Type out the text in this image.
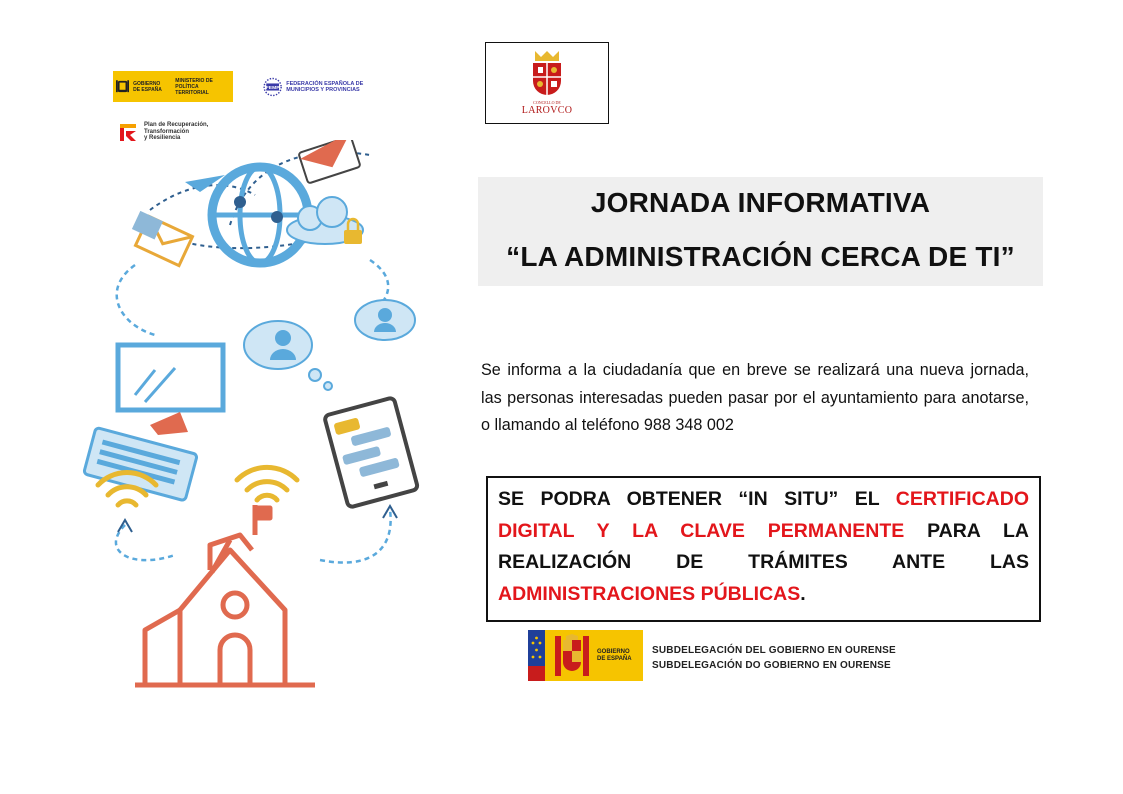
GOBIERNO DE ESPAÑA
MINISTERIO DE POLÍTICA TERRITORIAL
FEMP
FEDERACIÓN ESPAÑOLA DE MUNICIPIOS Y PROVINCIAS
Plan de Recuperación,
Transformación
y Resiliencia
CONCELLO DE
LAROVCO
JORNADA INFORMATIVA
“LA ADMINISTRACIÓN CERCA DE TI”
Se informa a la ciudadanía que en breve se realizará una nueva jornada, las personas interesadas pueden pasar por el ayuntamiento para anotarse, o llamando al teléfono 988 348 002
SE PODRA OBTENER “IN SITU” EL CERTIFICADO DIGITAL Y LA CLAVE PERMANENTE PARA LA REALIZACIÓN DE TRÁMITES ANTE LAS ADMINISTRACIONES PÚBLICAS.
GOBIERNO
DE ESPAÑA
SUBDELEGACIÓN DEL GOBIERNO EN OURENSE
SUBDELEGACIÓN DO GOBIERNO EN OURENSE
